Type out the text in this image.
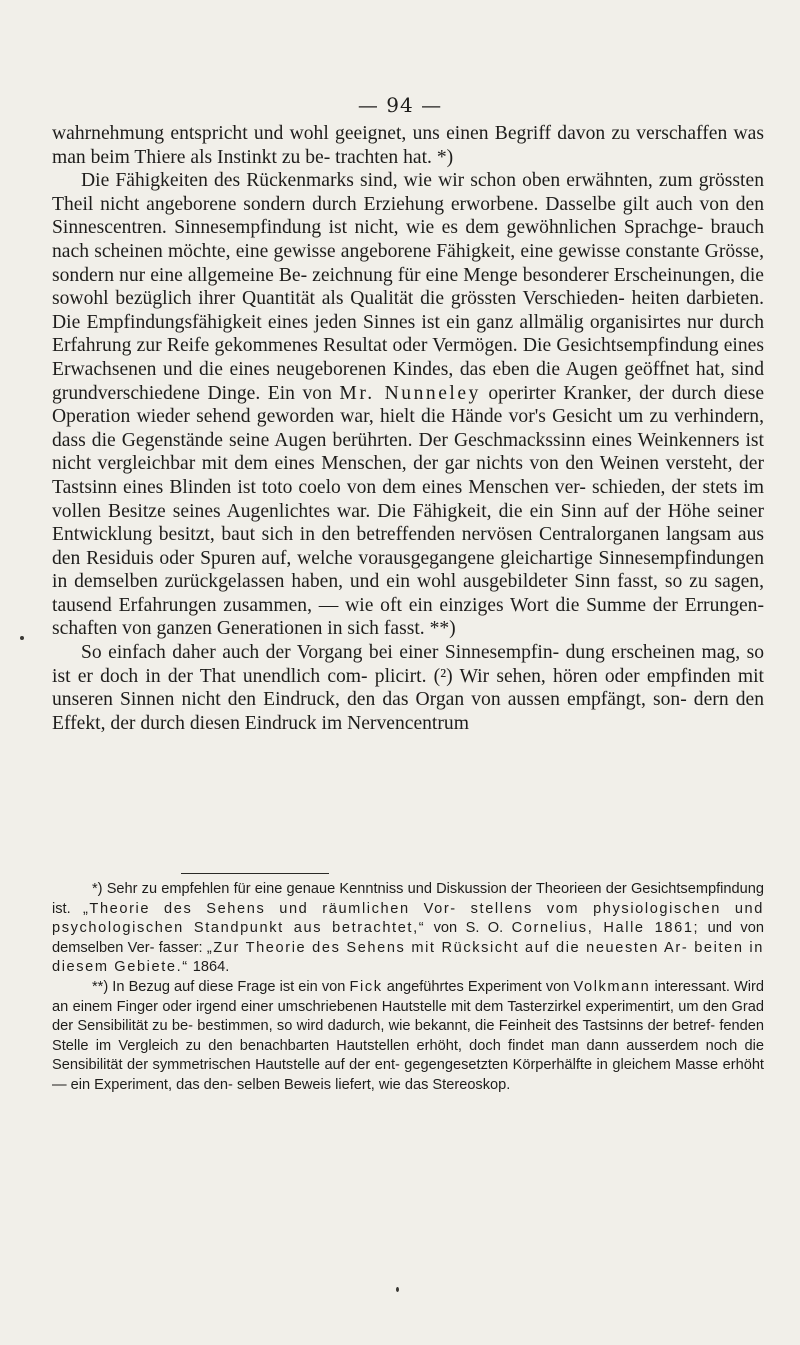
— 94 —

wahrnehmung entspricht und wohl geeignet, uns einen Begriff davon zu verschaffen was man beim Thiere als Instinkt zu be- trachten hat. *)

Die Fähigkeiten des Rückenmarks sind, wie wir schon oben erwähnten, zum grössten Theil nicht angeborene sondern durch Erziehung erworbene. Dasselbe gilt auch von den Sinnescentren. Sinnesempfindung ist nicht, wie es dem gewöhnlichen Sprachge- brauch nach scheinen möchte, eine gewisse angeborene Fähigkeit, eine gewisse constante Grösse, sondern nur eine allgemeine Be- zeichnung für eine Menge besonderer Erscheinungen, die sowohl bezüglich ihrer Quantität als Qualität die grössten Verschieden- heiten darbieten. Die Empfindungsfähigkeit eines jeden Sinnes ist ein ganz allmälig organisirtes nur durch Erfahrung zur Reife gekommenes Resultat oder Vermögen. Die Gesichtsempfindung eines Erwachsenen und die eines neugeborenen Kindes, das eben die Augen geöffnet hat, sind grundverschiedene Dinge. Ein von Mr. Nunneley operirter Kranker, der durch diese Operation wieder sehend geworden war, hielt die Hände vor's Gesicht um zu verhindern, dass die Gegenstände seine Augen berührten. Der Geschmackssinn eines Weinkenners ist nicht vergleichbar mit dem eines Menschen, der gar nichts von den Weinen versteht, der Tastsinn eines Blinden ist toto coelo von dem eines Menschen ver- schieden, der stets im vollen Besitze seines Augenlichtes war. Die Fähigkeit, die ein Sinn auf der Höhe seiner Entwicklung besitzt, baut sich in den betreffenden nervösen Centralorganen langsam aus den Residuis oder Spuren auf, welche vorausgegangene gleichartige Sinnesempfindungen in demselben zurückgelassen haben, und ein wohl ausgebildeter Sinn fasst, so zu sagen, tausend Erfahrungen zusammen, — wie oft ein einziges Wort die Summe der Errungen- schaften von ganzen Generationen in sich fasst. **)

So einfach daher auch der Vorgang bei einer Sinnesempfin- dung erscheinen mag, so ist er doch in der That unendlich com- plicirt. (²) Wir sehen, hören oder empfinden mit unseren Sinnen nicht den Eindruck, den das Organ von aussen empfängt, son- dern den Effekt, der durch diesen Eindruck im Nervencentrum

*) Sehr zu empfehlen für eine genaue Kenntniss und Diskussion der Theorieen der Gesichtsempfindung ist. „Theorie des Sehens und räumlichen Vor- stellens vom physiologischen und psychologischen Standpunkt aus betrachtet,“ von S. O. Cornelius, Halle 1861; und von demselben Ver- fasser: „Zur Theorie des Sehens mit Rücksicht auf die neuesten Ar- beiten in diesem Gebiete.“ 1864.

**) In Bezug auf diese Frage ist ein von Fick angeführtes Experiment von Volkmann interessant. Wird an einem Finger oder irgend einer umschriebenen Hautstelle mit dem Tasterzirkel experimentirt, um den Grad der Sensibilität zu be- bestimmen, so wird dadurch, wie bekannt, die Feinheit des Tastsinns der betref- fenden Stelle im Vergleich zu den benachbarten Hautstellen erhöht, doch findet man dann ausserdem noch die Sensibilität der symmetrischen Hautstelle auf der ent- gegengesetzten Körperhälfte in gleichem Masse erhöht — ein Experiment, das den- selben Beweis liefert, wie das Stereoskop.
